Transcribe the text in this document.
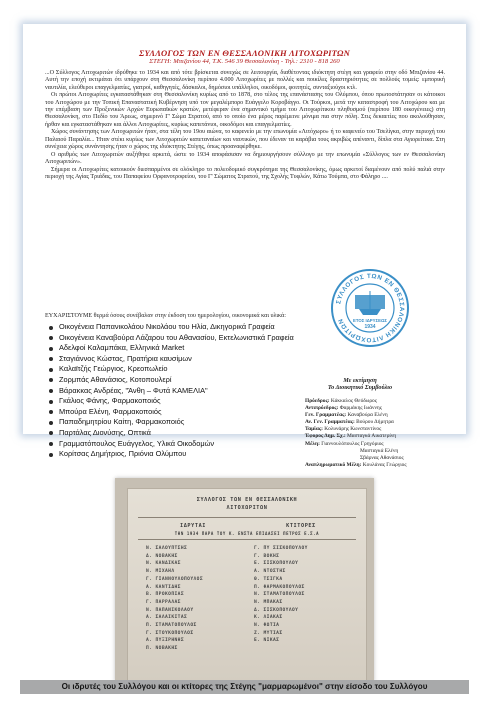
ΣΥΛΛΟΓΟΣ ΤΩΝ ΕΝ ΘΕΣΣΑΛΟΝΙΚΗ ΛΙΤΟΧΩΡΙΤΩΝ
ΣΤΕΓΗ: Μπιζανίου 44, Τ.Κ. 546 39 Θεσσαλονίκη - Τηλ.: 2310 - 818 260

...Ο Σύλλογος Λιτοχωριτών ιδρύθηκε το 1934 και από τότε βρίσκεται συνεχώς σε λειτουργία, διαθέτοντας ιδιόκτητη στέγη και γραφείο στην οδό Μπιζανίου 44. Αυτή την εποχή εκτιμάται ότι υπάρχουν στη Θεσσαλονίκη περίπου 4.000 Λιτοχωρίτες με πολλές και ποικίλες δραστηριότητες σε πολλούς τομείς: εμπορική ναυτιλία, ελεύθεροι επαγγελματίες, γιατροί, καθηγητές, δάσκαλοι, δημόσιοι υπάλληλοι, οικοδόμοι, φοιτητές, συνταξιούχοι κτλ.

Οι πρώτοι Λιτοχωρίτες εγκαταστάθηκαν στη Θεσσαλονίκη κυρίως από το 1878, στο τέλος της επανάστασης του Ολύμπου, όπου πρωτοστάτησαν οι κάτοικοι του Λιτοχώρου με την Τοπική Επαναστατική Κυβέρνηση υπό τον μεγαλέμπορο Ευάγγελο Κοροβάγγο. Οι Τούρκοι, μετά την καταστροφή του Λιτοχώρου και με την επέμβαση των Προξενικών Αρχών Ευρωπαϊκών κρατών, μετέφεραν ένα σημαντικό τμήμα του Λιτοχωρίτικου πληθυσμού (περίπου 180 οικογένειες) στη Θεσσαλονίκη, στο Πεδίο του Άρεως, σημερινό Γ' Σώμα Στρατού, από το οποίο ένα μέρος παρέμεινε μόνιμα πια στην πόλη. Στις δεκαετίες που ακολούθησαν, ήρθαν και εγκαταστάθηκαν και άλλοι Λιτοχωρίτες, κυρίως καπετάνιοι, οικοδόμοι και επαγγελματίες.

Χώρος συνάντησης των Λιτοχωριτών ήταν, στα τέλη του 19ου αιώνα, το καφενείο με την επωνυμία «Λιτόχωρο» ή το καφενείο του Τσελίγκα, στην περιοχή του Παλαιού Παραλία... Ήταν στέκι κυρίως των Λιτοχωριτών καπεταναίων και ναυτικών, που έδεναν τα καράβια τους ακριβώς απέναντι, δίπλα στα Αγιορείτικα. Στη συνέχεια χώρος συνάντησης ήταν ο χώρος της ιδιόκτητης Στέγης, όπως προαναφέρθηκε.

Ο αριθμός των Λιτοχωριτών αυξήθηκε αρκετά, ώστε το 1934 αποφάσισαν να δημιουργήσουν σύλλογο με την επωνυμία «Σύλλογος των εν Θεσσαλονίκη Λιτοχωριτών».

Σήμερα οι Λιτοχωρίτες κατοικούν διεσπαρμένοι σε ολόκληρο το πολεοδομικό συγκρότημα της Θεσσαλονίκης, όμως αρκετοί διαμένουν από πολύ παλιά στην περιοχή της Αγίας Τριάδας, του Παπαφείου Ορφανοτροφείου, του Γ' Σώματος Στρατού, της Σχολής Τυφλών, Κάτω Τούμπα, στο Φάληρο ....

ΕΥΧΑΡΙΣΤΟΥΜΕ θερμά όσους συνέβαλαν στην έκδοση του ημερολογίου, οικονομικά και υλικά:
Οικογένεια Παπανικολάου Νικολάου του Ηλία, Δικηγορικά Γραφεία
Οικογένεια Καναβούρα Λάζαρου του Αθανασίου, Εκτελωνιστικά Γραφεία
Αδελφοί Καλαμπάκα, Ελληνικά Market
Σταγιάννος Κώστας, Πρατήρια καυσίμων
Καλαϊτζής Γεώργιος, Κρεοπωλείο
Ζορμπάς Αθανάσιος, Κοτοπουλερί
Βάρακκας Ανδρέας, "Άνθη – Φυτά ΚΑΜΕΛΙΑ"
Γκάλιος Φάνης, Φαρμακοποιός
Μπούρα Ελένη, Φαρμακοποιός
Παπαδημητρίου Καίτη, Φαρμακοποιός
Παρτάλας Διονύσης, Οπτικά
Γραμματόπουλος Ευάγγελος, Υλικά Οικοδομών
Κορίτσας Δημήτριος, Πριόνια Ολύμπου
ΣΥΛΛΟΓΟΣ ΤΩΝ ΕΝ ΘΕΣΣΑΛΟΝΙΚΗ ΛΙΤΟΧΩΡΙΤΩΝ	ΕΤΟΣ ΙΔΡΥΣΕΩΣ
1934
Με εκτίμηση
Το Διοικητικό Συμβούλιο
Πρόεδρος: Κάκκαλος Θεόδωρος
Αντιπρόεδρος: Φαρμάκης Ιωάννης
Γεν. Γραμματέας: Καναβούρα Ελένη
Αν. Γεν. Γραμματέας: Βούρου Δήμητρα
Ταμίας: Κολυνάρης Κωνσταντίνος
Έφορος Δημ. Σχ.: Μασταγκά Αικατερίνη
Μέλη: Γιαννουλόπουλος Γρηγόριος
Μασταγκά Ελένη
Σβάρνας Αθανάσιος
Αναπληρωματικό Μέλη: Κουλάνας Γεώργιος
ΣΥΛΛΟΓΟΣ ΤΩΝ ΕΝ ΘΕΣΣΑΛΟΝΙΚΗ
ΛΙΤΟΧΩΡΙΤΩΝ
ΙΔΡΥΤΑΙ	ΚΤΙΤΟΡΕΣ
ΤΗΝ 1934 ΠΑΡΑ ΤΟΥ Κ. ΕΝΣΤΑ ΕΠΙΔΑΣΕΙ ΠΕΤΡΟΣ Ε.Σ.Α
Ν. ΣΑΛΟΥΠΤΣΗΣ
Δ. ΝΟΒΑΚΗΣ
Ν. ΚΑΝΔΙΚΑΣ
Ν. ΜΙΧΑΗΛ
Γ. ΓΙΑΝΝΟΥΛΟΠΟΥΛΟΣ
Α. ΚΑΝΤΙΔΗΣ
Β. ΠΡΟΚΟΠΙΑΣ
Γ. ΠΑΡΡΑΛΑΣ
Ν. ΠΑΠΑΝΙΚΟΛΑΟΥ
Α. ΣΑΛΑΙΚΙΤΑΣ
Π. ΣΤΑΜΑΤΟΠΟΥΛΟΣ
Γ. ΣΤΟΥΚΟΠΟΥΛΟΣ
Α. ΠΥΞΙΡΗΝΗΣ
Π. ΝΟΒΑΚΗΣ
Γ. ΠΥ ΣΙΣΚΟΠΟΥΛΟΥ
Γ. ΒΟΚΗΣ
Ε. ΣΙΣΚΟΠΟΥΛΟΥ
Α. ΝΤΟΣΤΗΣ
Θ. ΤΣΙΓΚΑ
Π. ΦΑΡΜΑΚΟΠΟΥΛΟΣ
Ν. ΣΤΑΜΑΤΟΠΟΥΛΟΣ
Ν. ΜΠΑΚΑΣ
Δ. ΣΙΣΚΟΠΟΥΛΟΥ
Κ. ΛΙΑΚΑΣ
Ν. ΦΩΤΙΑ
Ζ. ΜΥΤΙΑΣ
Ε. ΝΙΚΑΣ
Οι ιδρυτές του Συλλόγου και οι κτίτορες της Στέγης "μαρμαρωμένοι" στην είσοδο του Συλλόγου
